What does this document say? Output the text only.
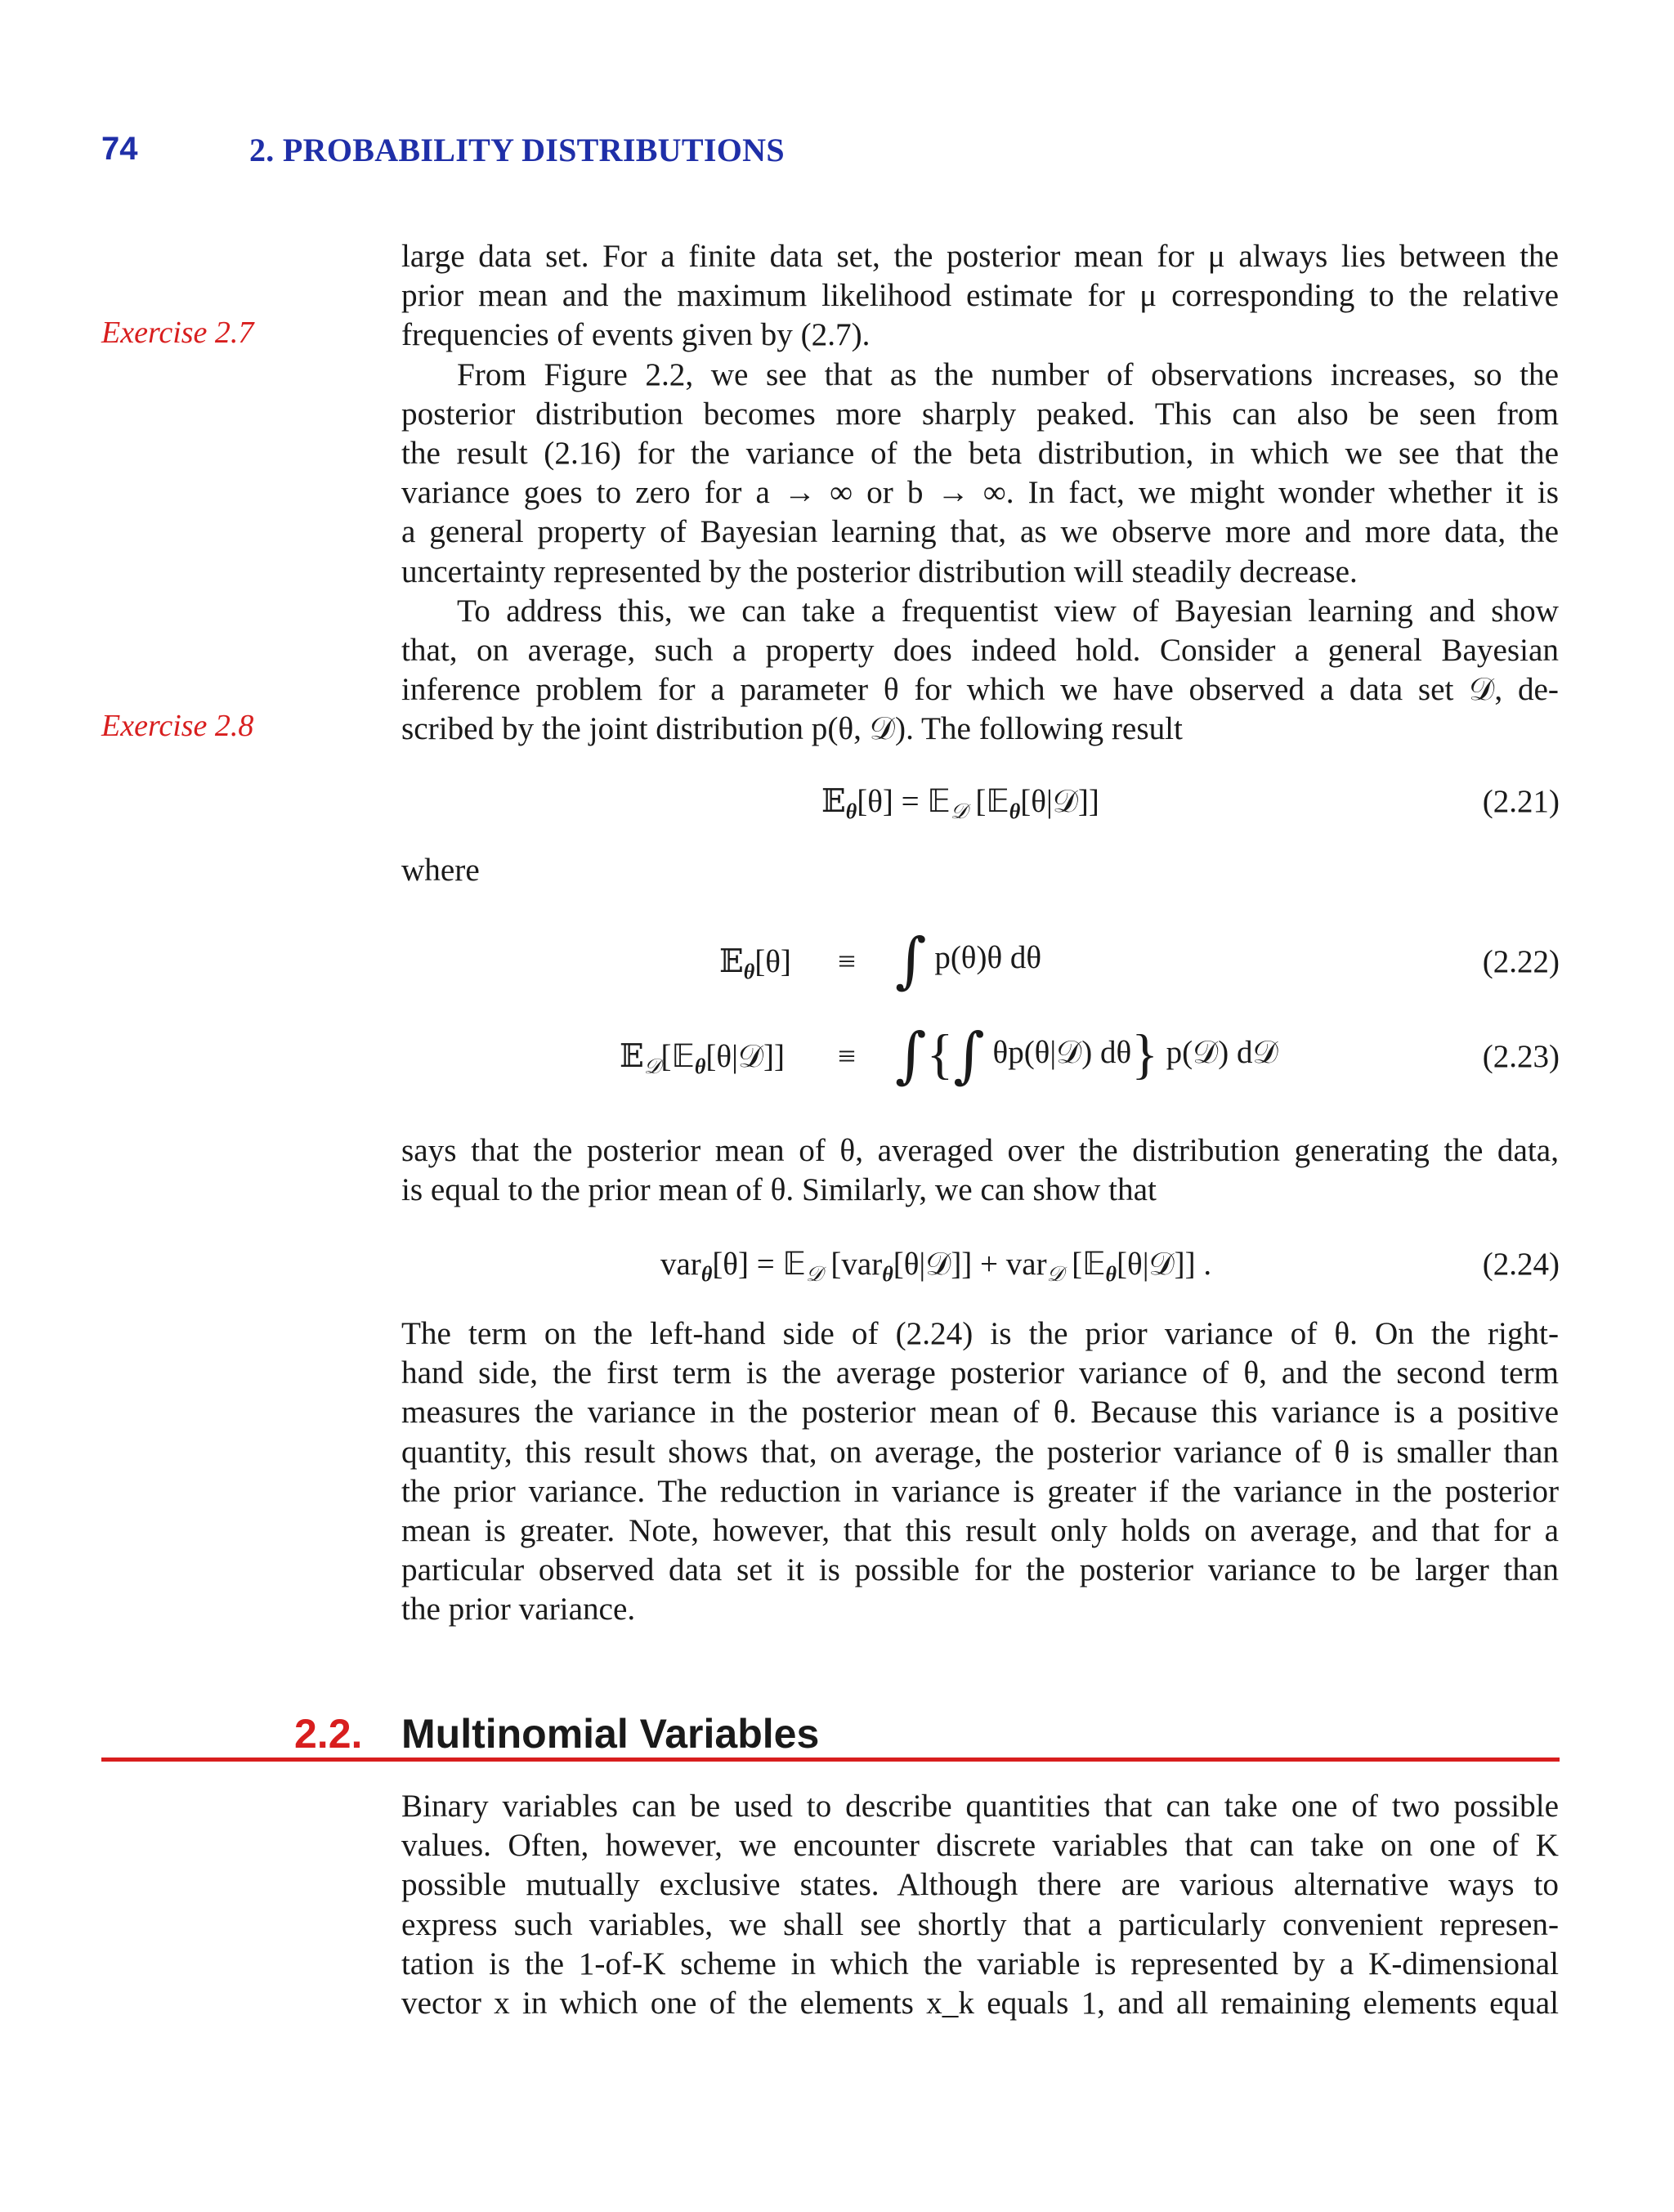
74	2. PROBABILITY DISTRIBUTIONS
Exercise 2.7
Exercise 2.8
large data set. For a finite data set, the posterior mean for μ always lies between the
prior mean and the maximum likelihood estimate for μ corresponding to the relative
frequencies of events given by (2.7).
From Figure 2.2, we see that as the number of observations increases, so the
posterior distribution becomes more sharply peaked. This can also be seen from
the result (2.16) for the variance of the beta distribution, in which we see that the
variance goes to zero for a → ∞ or b → ∞. In fact, we might wonder whether it is
a general property of Bayesian learning that, as we observe more and more data, the
uncertainty represented by the posterior distribution will steadily decrease.
To address this, we can take a frequentist view of Bayesian learning and show
that, on average, such a property does indeed hold. Consider a general Bayesian
inference problem for a parameter θ for which we have observed a data set 𝒟, de-
scribed by the joint distribution p(θ, 𝒟). The following result
𝔼$_\theta$[θ] = 𝔼$_𝒟$ [𝔼$_\theta$[θ|𝒟]]	(2.21)
where
𝔼$_\theta$[θ] ≡ ∫ p(θ)θ dθ	(2.22)
𝔼$_𝒟$[𝔼$_\theta$[θ|𝒟]] ≡ ∫{∫ θp(θ|𝒟) dθ} p(𝒟) d𝒟	(2.23)
says that the posterior mean of θ, averaged over the distribution generating the data,
is equal to the prior mean of θ. Similarly, we can show that
var$_\theta$[θ] = 𝔼$_𝒟$ [var$_\theta$[θ|𝒟]] + var$_𝒟$ [𝔼$_\theta$[θ|𝒟]] .	(2.24)
The term on the left-hand side of (2.24) is the prior variance of θ. On the right-
hand side, the first term is the average posterior variance of θ, and the second term
measures the variance in the posterior mean of θ. Because this variance is a positive
quantity, this result shows that, on average, the posterior variance of θ is smaller than
the prior variance. The reduction in variance is greater if the variance in the posterior
mean is greater. Note, however, that this result only holds on average, and that for a
particular observed data set it is possible for the posterior variance to be larger than
the prior variance.
2.2. Multinomial Variables
Binary variables can be used to describe quantities that can take one of two possible
values. Often, however, we encounter discrete variables that can take on one of K
possible mutually exclusive states. Although there are various alternative ways to
express such variables, we shall see shortly that a particularly convenient represen-
tation is the 1-of-K scheme in which the variable is represented by a K-dimensional
vector x in which one of the elements x_k equals 1, and all remaining elements equal
